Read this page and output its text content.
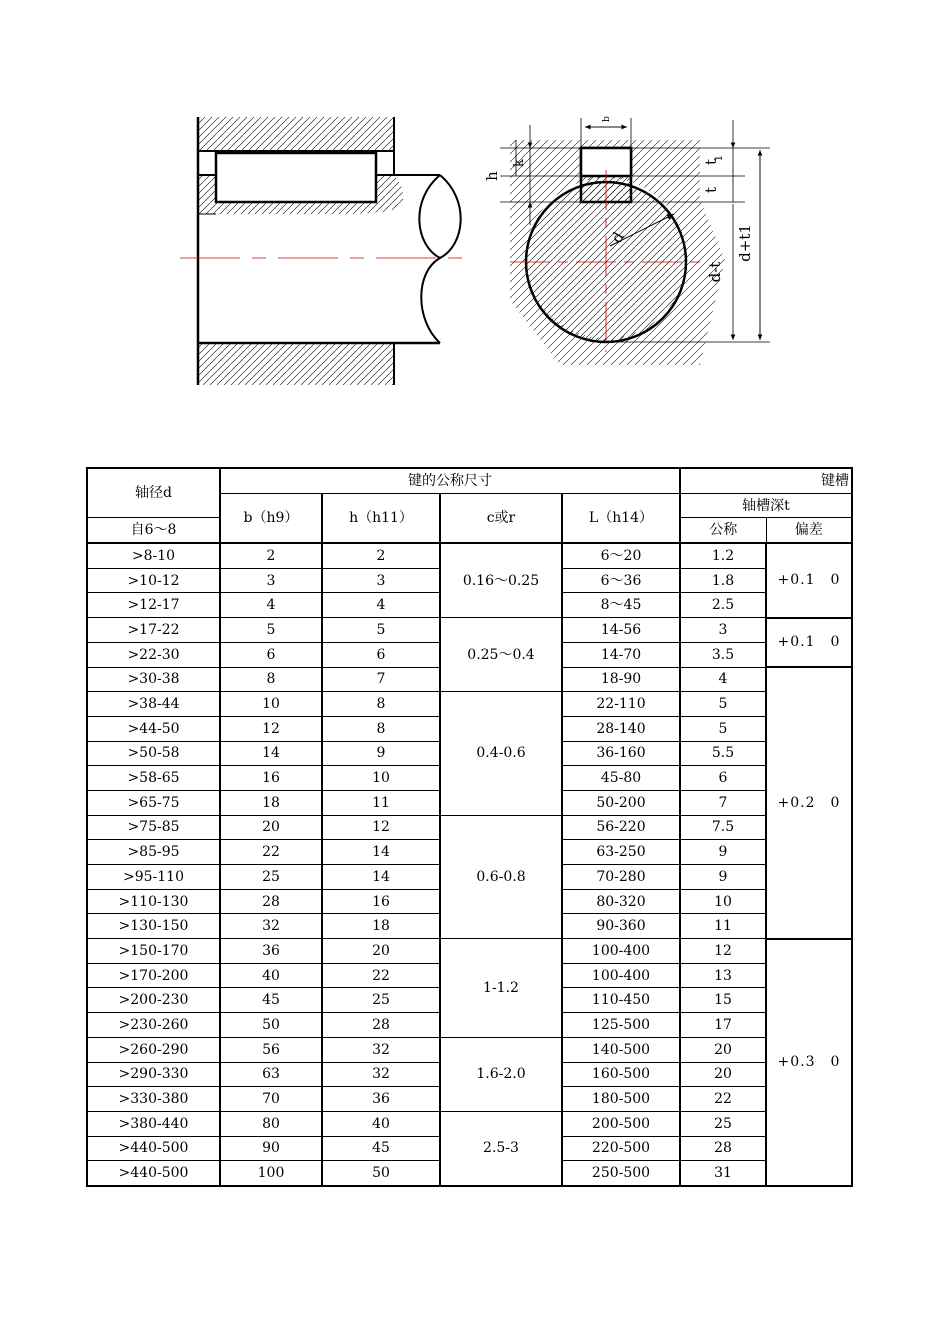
b
h
k
d
t
t
1
d-t
d+t1
轴径d	键的公称尺寸				键槽	
	b（h9）	h（h11）	c或r	L（h14）	轴槽深t	
自6～8					公称	偏差
>8-10	2	2	0.16～0.25	6～20	1.2	+0.1　0
>10-12	3	3		6～36	1.8	
>12-17	4	4		8～45	2.5	
>17-22	5	5	0.25～0.4	14-56	3	+0.1　0
>22-30	6	6		14-70	3.5	
>30-38	8	7		18-90	4	+0.2　0
>38-44	10	8	0.4-0.6	22-110	5	
>44-50	12	8		28-140	5	
>50-58	14	9		36-160	5.5	
>58-65	16	10		45-80	6	
>65-75	18	11		50-200	7	
>75-85	20	12	0.6-0.8	56-220	7.5	
>85-95	22	14		63-250	9	
>95-110	25	14		70-280	9	
>110-130	28	16		80-320	10	
>130-150	32	18		90-360	11	
>150-170	36	20	1-1.2	100-400	12	+0.3　0
>170-200	40	22		100-400	13	
>200-230	45	25		110-450	15	
>230-260	50	28		125-500	17	
>260-290	56	32	1.6-2.0	140-500	20	
>290-330	63	32		160-500	20	
>330-380	70	36		180-500	22	
>380-440	80	40	2.5-3	200-500	25	
>440-500	90	45		220-500	28	
>440-500	100	50		250-500	31	
